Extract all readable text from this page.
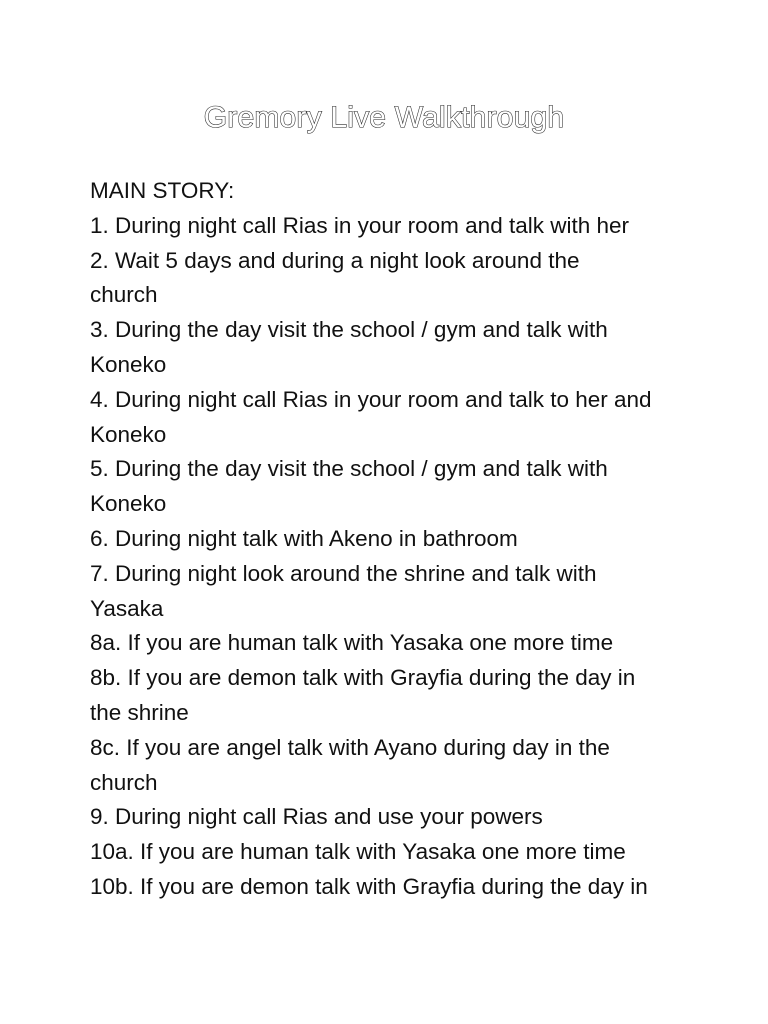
Gremory Live Walkthrough

MAIN STORY:

1. During night call Rias in your room and talk with her

2. Wait 5 days and during a night look around the

church

3. During the day visit the school / gym and talk with

Koneko

4. During night call Rias in your room and talk to her and

Koneko

5. During the day visit the school / gym and talk with

Koneko

6. During night talk with Akeno in bathroom

7. During night look around the shrine and talk with

Yasaka

8a. If you are human talk with Yasaka one more time

8b. If you are demon talk with Grayfia during the day in

the shrine

8c. If you are angel talk with Ayano during day in the

church

9. During night call Rias and use your powers

10a. If you are human talk with Yasaka one more time

10b. If you are demon talk with Grayfia during the day in
